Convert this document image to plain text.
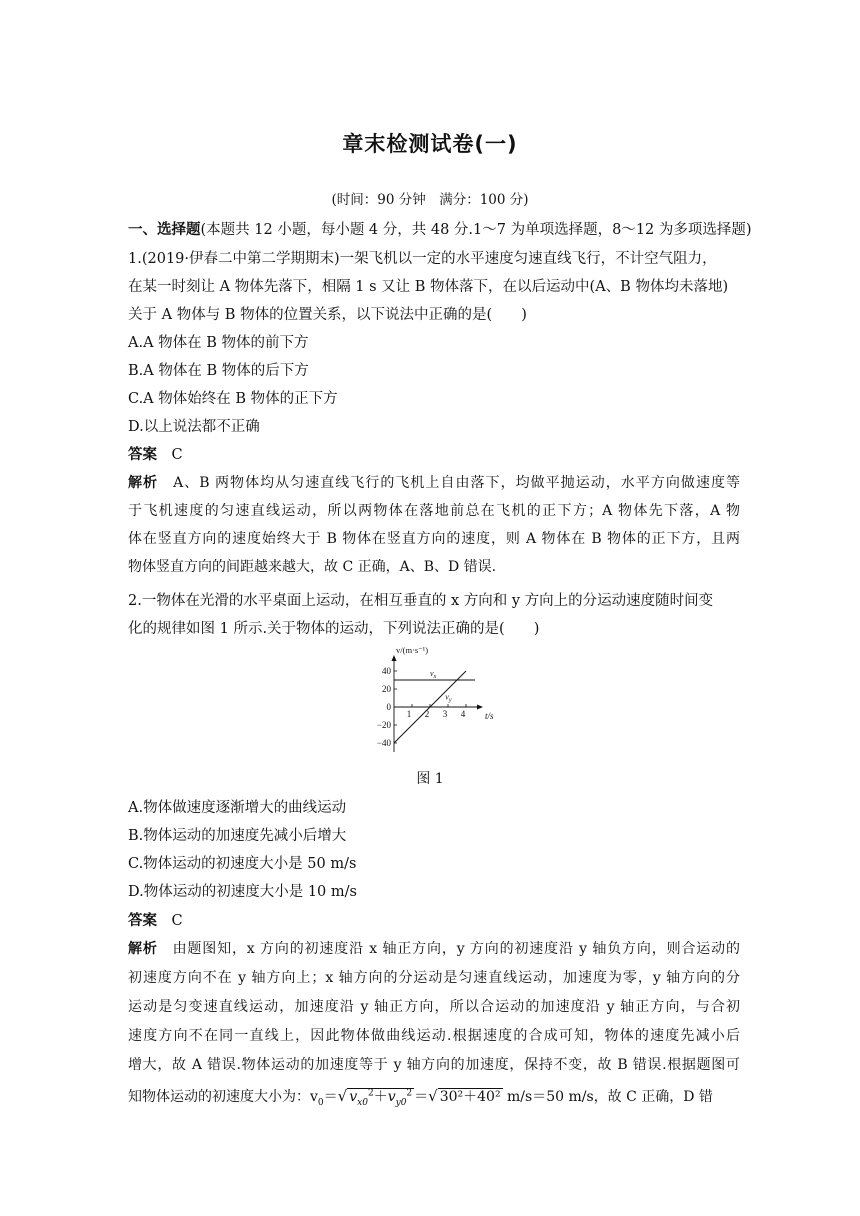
章末检测试卷(一)
(时间：90 分钟　满分：100 分)
一、选择题(本题共 12 小题，每小题 4 分，共 48 分.1～7 为单项选择题，8～12 为多项选择题)
1.(2019·伊春二中第二学期期末)一架飞机以一定的水平速度匀速直线飞行，不计空气阻力，
在某一时刻让 A 物体先落下，相隔 1 s 又让 B 物体落下，在以后运动中(A、B 物体均未落地)
关于 A 物体与 B 物体的位置关系，以下说法中正确的是(　　)
A.A 物体在 B 物体的前下方
B.A 物体在 B 物体的后下方
C.A 物体始终在 B 物体的正下方
D.以上说法都不正确
答案　 C
解析　 A、B 两物体均从匀速直线飞行的飞机上自由落下，均做平抛运动，水平方向做速度等
于飞机速度的匀速直线运动，所以两物体在落地前总在飞机的正下方；A 物体先下落，A 物
体在竖直方向的速度始终大于 B 物体在竖直方向的速度，则 A 物体在 B 物体的正下方，且两
物体竖直方向的间距越来越大，故 C 正确，A、B、D 错误.
2.一物体在光滑的水平桌面上运动，在相互垂直的 x 方向和 y 方向上的分运动速度随时间变
化的规律如图 1 所示.关于物体的运动，下列说法正确的是(　　)
v/(m·s⁻¹)
t/s
40
20
0
−20
−40
1 2 3 4
$v_x$
$v_y$
图 1
A.物体做速度逐渐增大的曲线运动
B.物体运动的加速度先减小后增大
C.物体运动的初速度大小是 50 m/s
D.物体运动的初速度大小是 10 m/s
答案　 C
解析　 由题图知，x 方向的初速度沿 x 轴正方向，y 方向的初速度沿 y 轴负方向，则合运动的
初速度方向不在 y 轴方向上；x 轴方向的分运动是匀速直线运动，加速度为零，y 轴方向的分
运动是匀变速直线运动，加速度沿 y 轴正方向，所以合运动的加速度沿 y 轴正方向，与合初
速度方向不在同一直线上，因此物体做曲线运动.根据速度的合成可知，物体的速度先减小后
增大，故 A 错误.物体运动的加速度等于 y 轴方向的加速度，保持不变，故 B 错误.根据题图可
知物体运动的初速度大小为：$v_0=√$ $v_{x0}^2+v_{y0}^2$ ＝√ 30²＋40² m/s＝50 m/s，故 C 正确，D 错
